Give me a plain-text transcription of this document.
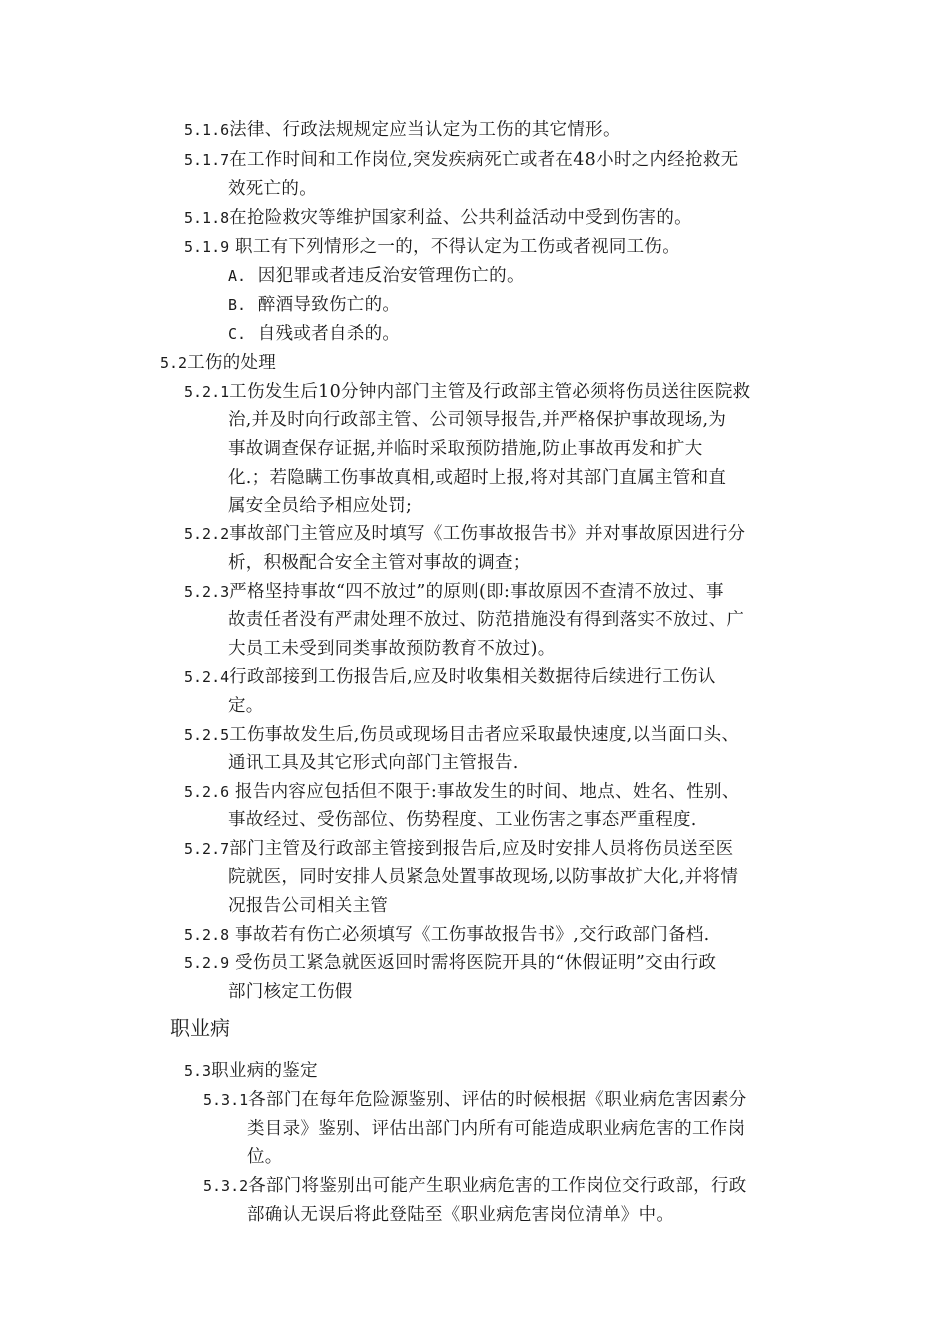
职业病
5.1.6法律、行政法规规定应当认定为工伤的其它情形。
5.1.7在工作时间和工作岗位,突发疾病死亡或者在48小时之内经抢救无
效死亡的。
5.1.8在抢险救灾等维护国家利益、公共利益活动中受到伤害的。
5.1.9 职工有下列情形之一的，不得认定为工伤或者视同工伤。
A.  因犯罪或者违反治安管理伤亡的。
B.  醉酒导致伤亡的。
C.  自残或者自杀的。
5.2工伤的处理
5.2.1工伤发生后10分钟内部门主管及行政部主管必须将伤员送往医院救
治,并及时向行政部主管、公司领导报告,并严格保护事故现场,为
事故调查保存证据,并临时采取预防措施,防止事故再发和扩大
化.；若隐瞒工伤事故真相,或超时上报,将对其部门直属主管和直
属安全员给予相应处罚;
5.2.2事故部门主管应及时填写《工伤事故报告书》并对事故原因进行分
析，积极配合安全主管对事故的调查；
5.2.3严格坚持事故“四不放过”的原则(即:事故原因不查清不放过、事
故责任者没有严肃处理不放过、防范措施没有得到落实不放过、广
大员工未受到同类事故预防教育不放过)。
5.2.4行政部接到工伤报告后,应及时收集相关数据待后续进行工伤认
定。
5.2.5工伤事故发生后,伤员或现场目击者应采取最快速度,以当面口头、
通讯工具及其它形式向部门主管报告.
5.2.6 报告内容应包括但不限于:事故发生的时间、地点、姓名、性别、
事故经过、受伤部位、伤势程度、工业伤害之事态严重程度.
5.2.7部门主管及行政部主管接到报告后,应及时安排人员将伤员送至医
院就医，同时安排人员紧急处置事故现场,以防事故扩大化,并将情
况报告公司相关主管
5.2.8 事故若有伤亡必须填写《工伤事故报告书》,交行政部门备档.
5.2.9 受伤员工紧急就医返回时需将医院开具的“休假证明”交由行政
部门核定工伤假
5.3职业病的鉴定
5.3.1各部门在每年危险源鉴别、评估的时候根据《职业病危害因素分
类目录》鉴别、评估出部门内所有可能造成职业病危害的工作岗
位。
5.3.2各部门将鉴别出可能产生职业病危害的工作岗位交行政部，行政
部确认无误后将此登陆至《职业病危害岗位清单》中。
